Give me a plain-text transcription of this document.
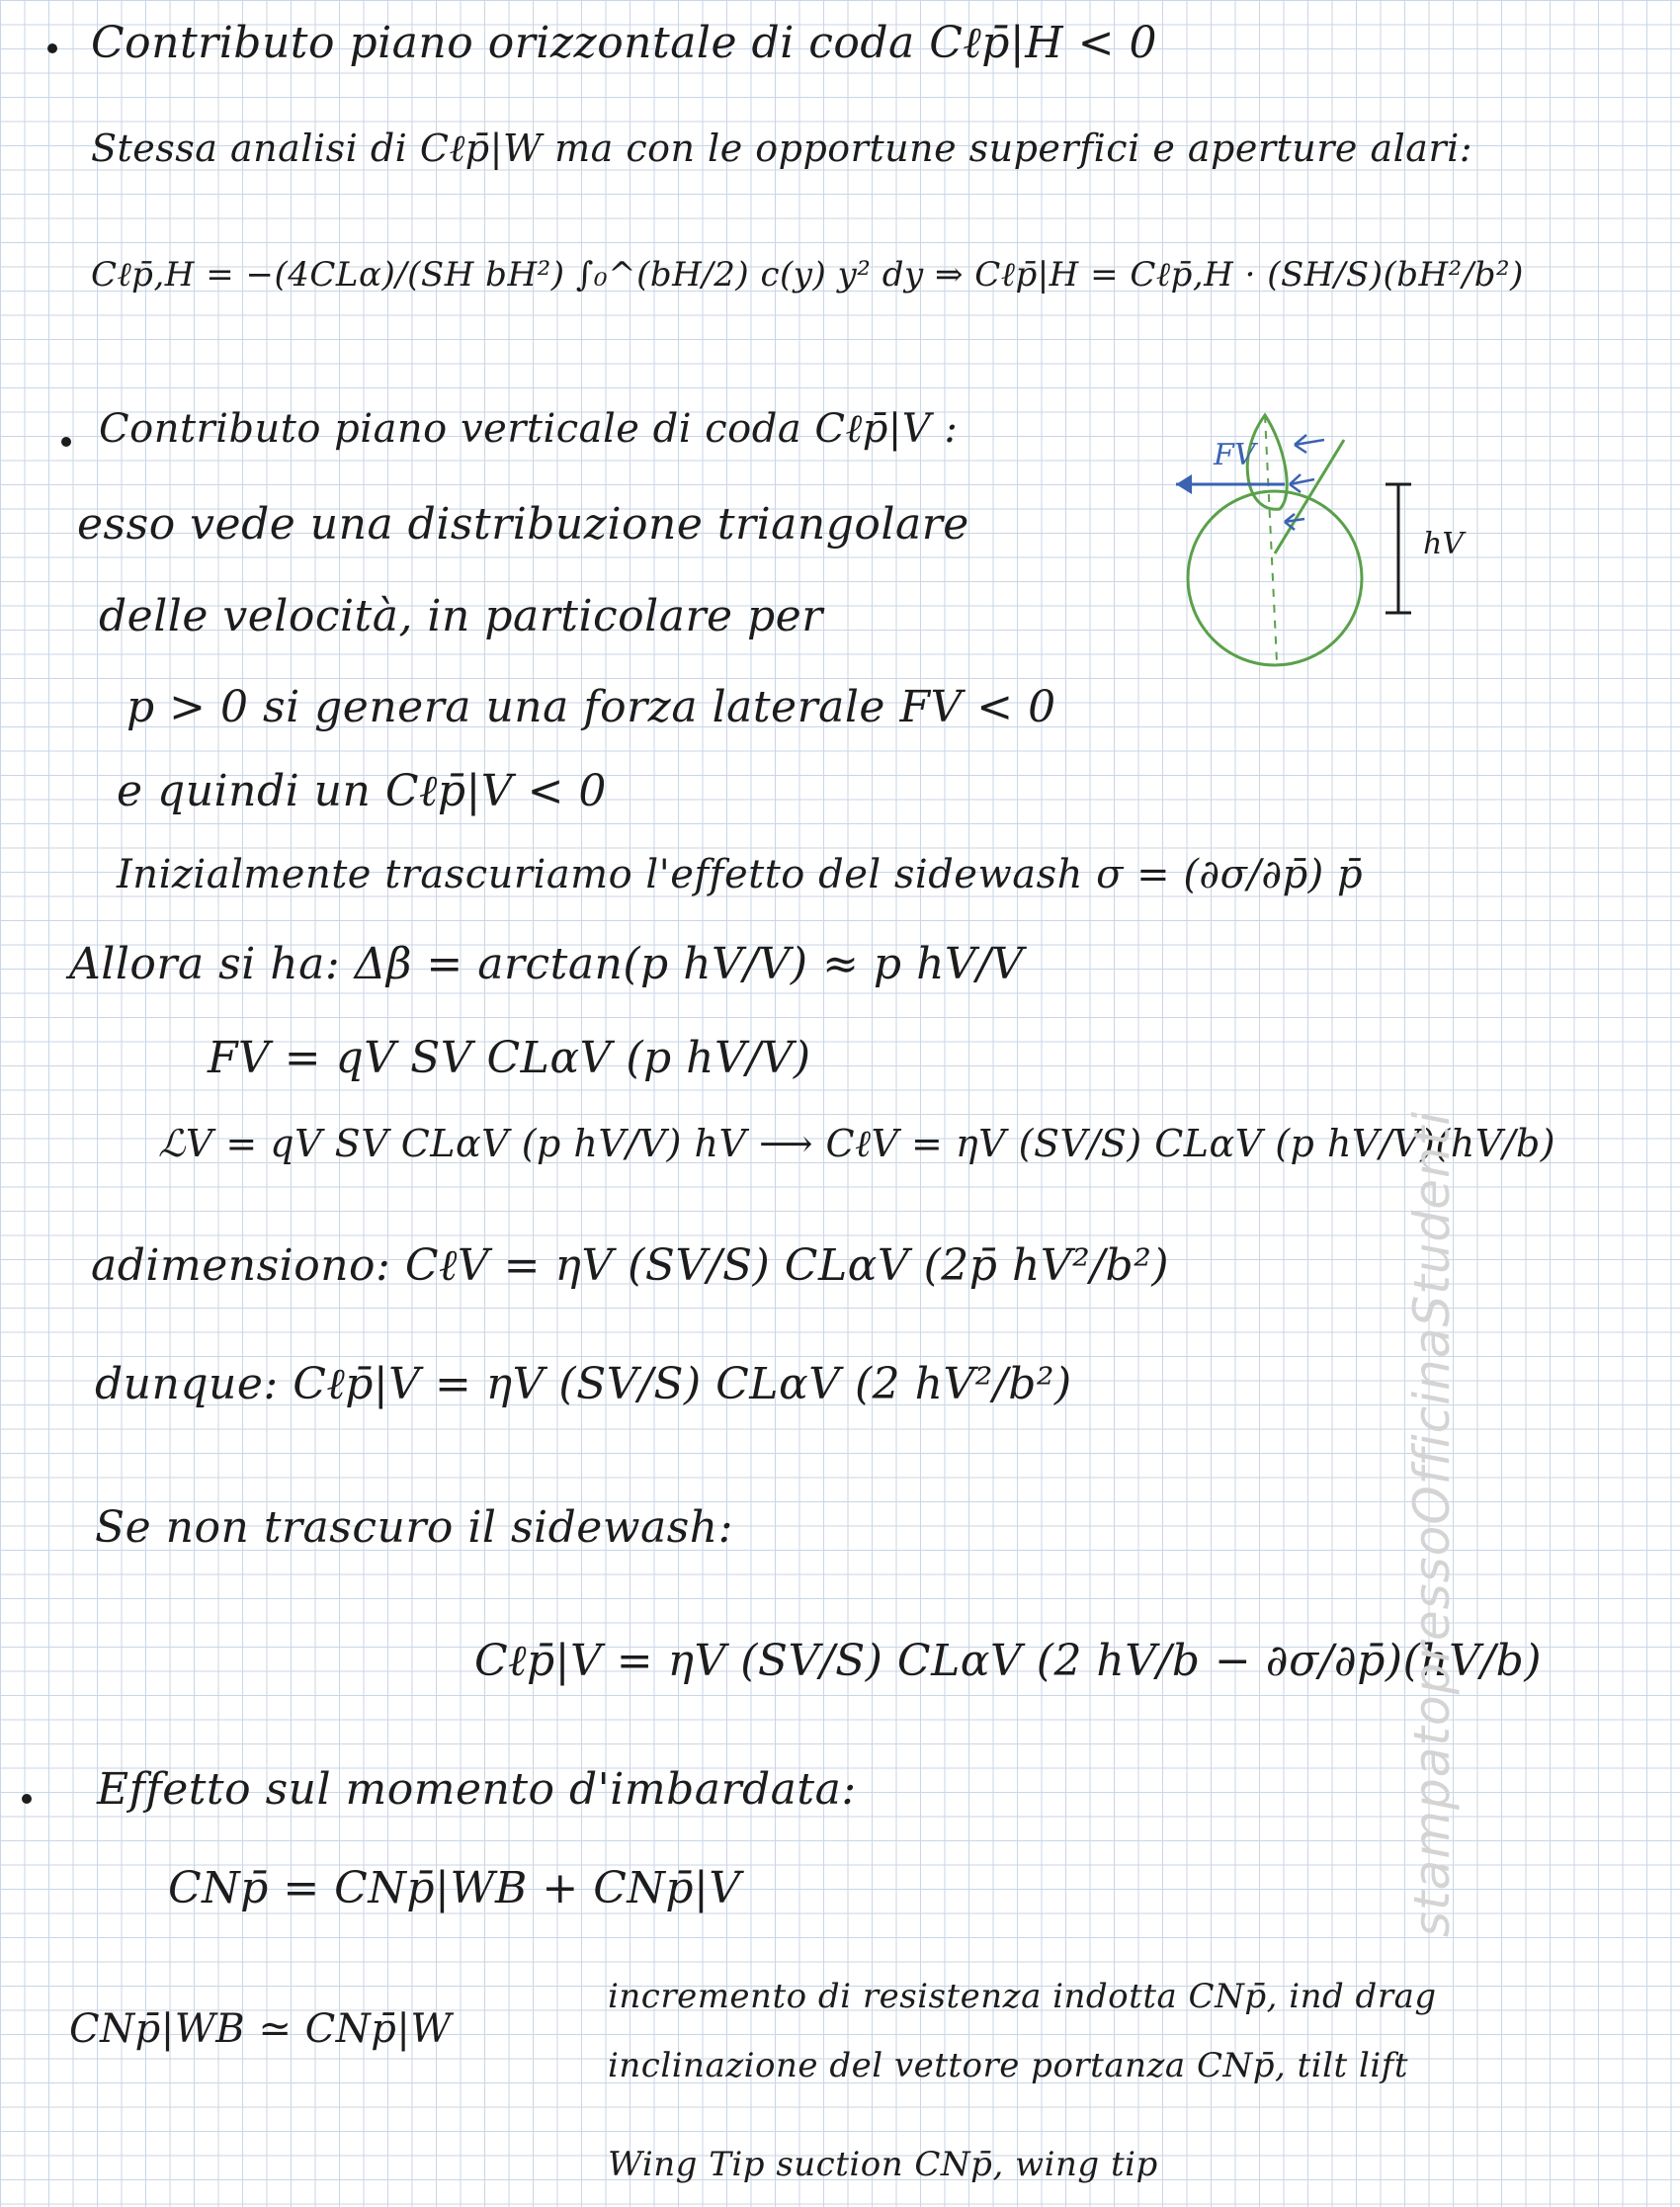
Contributo piano orizzontale di coda Cℓp̄|H < 0
Stessa analisi di Cℓp̄|W ma con le opportune superfici e aperture alari:
Cℓp̄,H = −(4CLα)/(SH bH²) ∫₀^(bH/2) c(y) y² dy ⇒ Cℓp̄|H = Cℓp̄,H · (SH/S)(bH²/b²)
Contributo piano verticale di coda Cℓp̄|V :
esso vede una distribuzione triangolare
delle velocità, in particolare per
p > 0 si genera una forza laterale FV < 0
e quindi un Cℓp̄|V < 0
Inizialmente trascuriamo l'effetto del sidewash σ = (∂σ/∂p̄) p̄
Allora si ha: Δβ = arctan(p hV/V) ≈ p hV/V
FV = qV SV CLαV (p hV/V)
ℒV = qV SV CLαV (p hV/V) hV ⟶ CℓV = ηV (SV/S) CLαV (p hV/V)(hV/b)
adimensiono: CℓV = ηV (SV/S) CLαV (2p̄ hV²/b²)
dunque: Cℓp̄|V = ηV (SV/S) CLαV (2 hV²/b²)
Se non trascuro il sidewash:
Cℓp̄|V = ηV (SV/S) CLαV (2 hV/b − ∂σ/∂p̄)(hV/b)
Effetto sul momento d'imbardata:
CNp̄ = CNp̄|WB + CNp̄|V
CNp̄|WB ≃ CNp̄|W
incremento di resistenza indotta CNp̄, ind drag
inclinazione del vettore portanza CNp̄, tilt lift
Wing Tip suction CNp̄, wing tip
FV
hV
stampatopressoOfficinaStudenti
